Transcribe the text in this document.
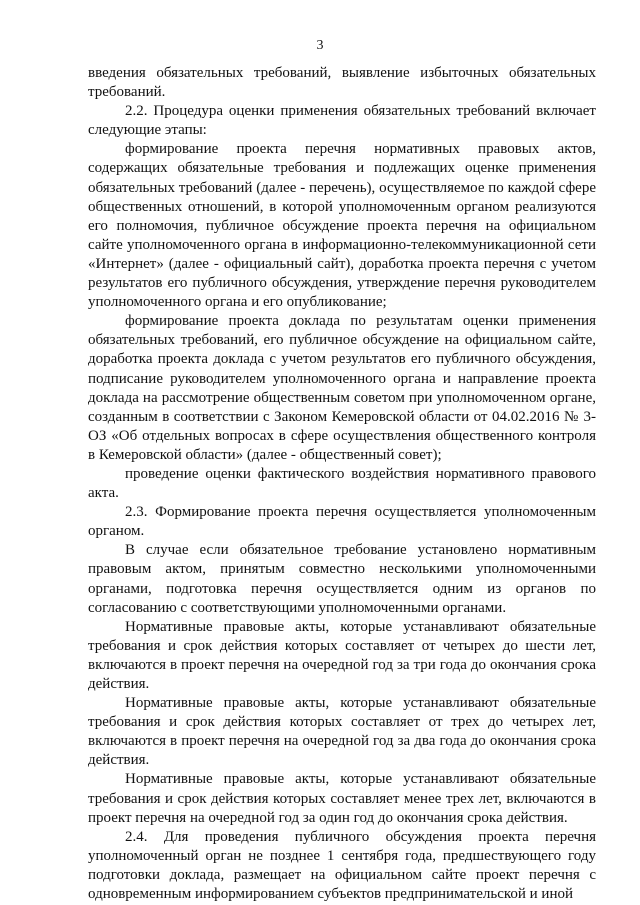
3

введения обязательных требований, выявление избыточных обязательных требований.

2.2. Процедура оценки применения обязательных требований включает следующие этапы:

формирование проекта перечня нормативных правовых актов, содержащих обязательные требования и подлежащих оценке применения обязательных требований (далее - перечень), осуществляемое по каждой сфере общественных отношений, в которой уполномоченным органом реализуются его полномочия, публичное обсуждение проекта перечня на официальном сайте уполномоченного органа в информационно-телекоммуникационной сети «Интернет» (далее - официальный сайт), доработка проекта перечня с учетом результатов его публичного обсуждения, утверждение перечня руководителем уполномоченного органа и его опубликование;

формирование проекта доклада по результатам оценки применения обязательных требований, его публичное обсуждение на официальном сайте, доработка проекта доклада с учетом результатов его публичного обсуждения, подписание руководителем уполномоченного органа и направление проекта доклада на рассмотрение общественным советом при уполномоченном органе, созданным в соответствии с Законом Кемеровской области от 04.02.2016 № 3-ОЗ «Об отдельных вопросах в сфере осуществления общественного контроля в Кемеровской области» (далее - общественный совет);

проведение оценки фактического воздействия нормативного правового акта.

2.3. Формирование проекта перечня осуществляется уполномоченным органом.

В случае если обязательное требование установлено нормативным правовым актом, принятым совместно несколькими уполномоченными органами, подготовка перечня осуществляется одним из органов по согласованию с соответствующими уполномоченными органами.

Нормативные правовые акты, которые устанавливают обязательные требования и срок действия которых составляет от четырех до шести лет, включаются в проект перечня на очередной год за три года до окончания срока действия.

Нормативные правовые акты, которые устанавливают обязательные требования и срок действия которых составляет от трех до четырех лет, включаются в проект перечня на очередной год за два года до окончания срока действия.

Нормативные правовые акты, которые устанавливают обязательные требования и срок действия которых составляет менее трех лет, включаются в проект перечня на очередной год за один год до окончания срока действия.

2.4. Для проведения публичного обсуждения проекта перечня уполномоченный орган не позднее 1 сентября года, предшествующего году подготовки доклада, размещает на официальном сайте проект перечня с одновременным информированием субъектов предпринимательской и иной
